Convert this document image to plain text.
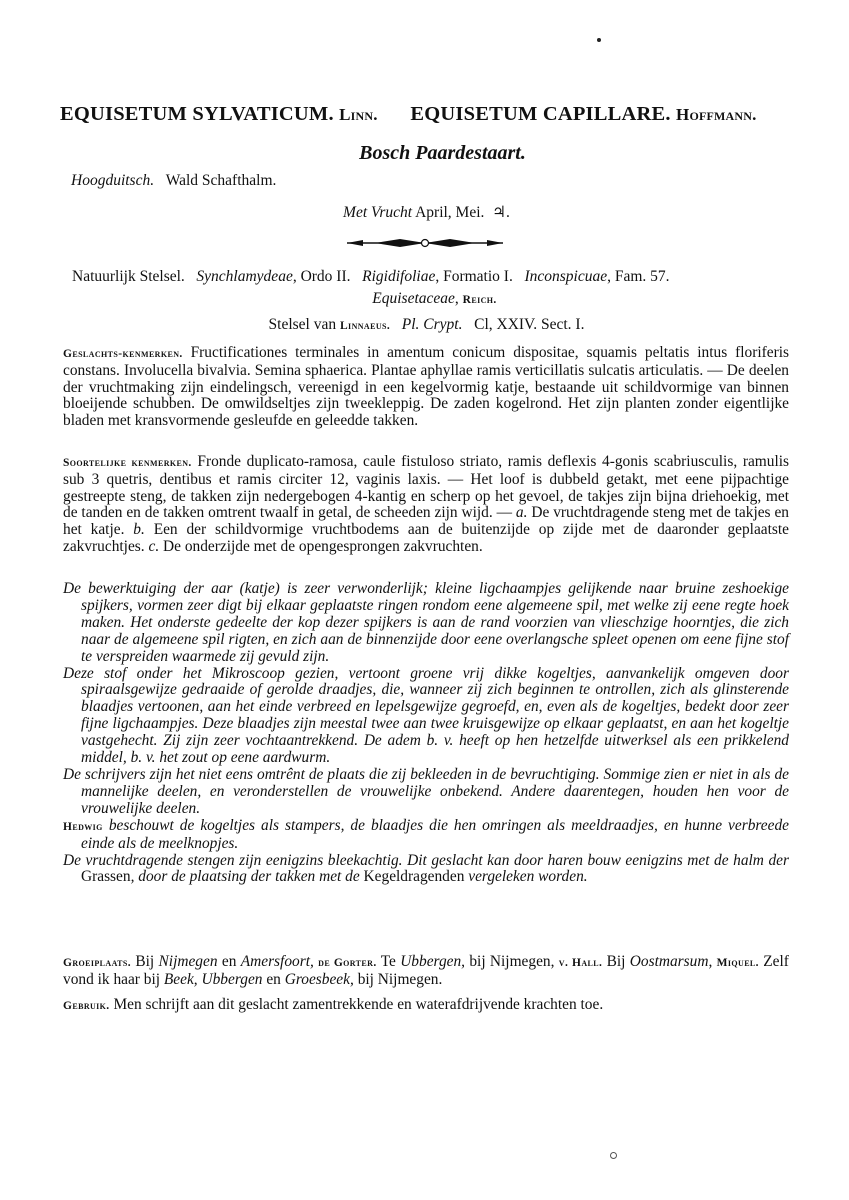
EQUISETUM SYLVATICUM. Linn. EQUISETUM CAPILLARE. Hoffmann.
Bosch Paardestaart.
Hoogduitsch. Wald Schafthalm.
Met Vrucht April, Mei. ♃.
Natuurlijk Stelsel. Synchlamydeae, Ordo II. Rigidifoliae, Formatio I. Inconspicuae, Fam. 57.
Equisetaceae, Reich.
Stelsel van Linnaeus. Pl. Crypt. Cl, XXIV. Sect. I.
Geslachts-kenmerken. Fructificationes terminales in amentum conicum dispositae, squamis peltatis intus floriferis constans. Involucella bivalvia. Semina sphaerica. Plantae aphyllae ramis verticillatis sulcatis articulatis. — De deelen der vruchtmaking zijn eindelingsch, vereenigd in een kegelvormig katje, bestaande uit schildvormige van binnen bloeijende schubben. De omwildseltjes zijn tweekleppig. De zaden kogelrond. Het zijn planten zonder eigentlijke bladen met kransvormende gesleufde en geleedde takken.
Soortelijke kenmerken. Fronde duplicato-ramosa, caule fistuloso striato, ramis deflexis 4-gonis scabriusculis, ramulis sub 3 quetris, dentibus et ramis circiter 12, vaginis laxis. — Het loof is dubbeld getakt, met eene pijpachtige gestreepte steng, de takken zijn nedergebogen 4-kantig en scherp op het gevoel, de takjes zijn bijna driehoekig, met de tanden en de takken omtrent twaalf in getal, de scheeden zijn wijd. — a. De vruchtdragende steng met de takjes en het katje. b. Een der schildvormige vruchtbodems aan de buitenzijde op zijde met de daaronder geplaatste zakvruchtjes. c. De onderzijde met de opengesprongen zakvruchten.
De bewerktuiging der aar (katje) is zeer verwonderlijk; kleine ligchaampjes gelijkende naar bruine zeshoekige spijkers, vormen zeer digt bij elkaar geplaatste ringen rondom eene algemeene spil, met welke zij eene regte hoek maken. Het onderste gedeelte der kop dezer spijkers is aan de rand voorzien van vlieschzige hoorntjes, die zich naar de algemeene spil rigten, en zich aan de binnenzijde door eene overlangsche spleet openen om eene fijne stof te verspreiden waarmede zij gevuld zijn.
Deze stof onder het Mikroscoop gezien, vertoont groene vrij dikke kogeltjes, aanvankelijk omgeven door spiraalsgewijze gedraaide of gerolde draadjes, die, wanneer zij zich beginnen te ontrollen, zich als glinsterende blaadjes vertoonen, aan het einde verbreed en lepelsgewijze gegroefd, en, even als de kogeltjes, bedekt door zeer fijne ligchaampjes. Deze blaadjes zijn meestal twee aan twee kruisgewijze op elkaar geplaatst, en aan het kogeltje vastgehecht. Zij zijn zeer vochtaantrekkend. De adem b. v. heeft op hen hetzelfde uitwerksel als een prikkelend middel, b. v. het zout op eene aardwurm.
De schrijvers zijn het niet eens omtrênt de plaats die zij bekleeden in de bevruchtiging. Sommige zien er niet in als de mannelijke deelen, en veronderstellen de vrouwelijke onbekend. Andere daarentegen, houden hen voor de vrouwelijke deelen.
Hedwig beschouwt de kogeltjes als stampers, de blaadjes die hen omringen als meeldraadjes, en hunne verbreede einde als de meelknopjes.
De vruchtdragende stengen zijn eenigzins bleekachtig. Dit geslacht kan door haren bouw eenigzins met de halm der Grassen, door de plaatsing der takken met de Kegeldragenden vergeleken worden.
Groeiplaats. Bij Nijmegen en Amersfoort, de Gorter. Te Ubbergen, bij Nijmegen, v. Hall. Bij Oostmarsum, Miquel. Zelf vond ik haar bij Beek, Ubbergen en Groesbeek, bij Nijmegen.
Gebruik. Men schrijft aan dit geslacht zamentrekkende en waterafdrijvende krachten toe.
